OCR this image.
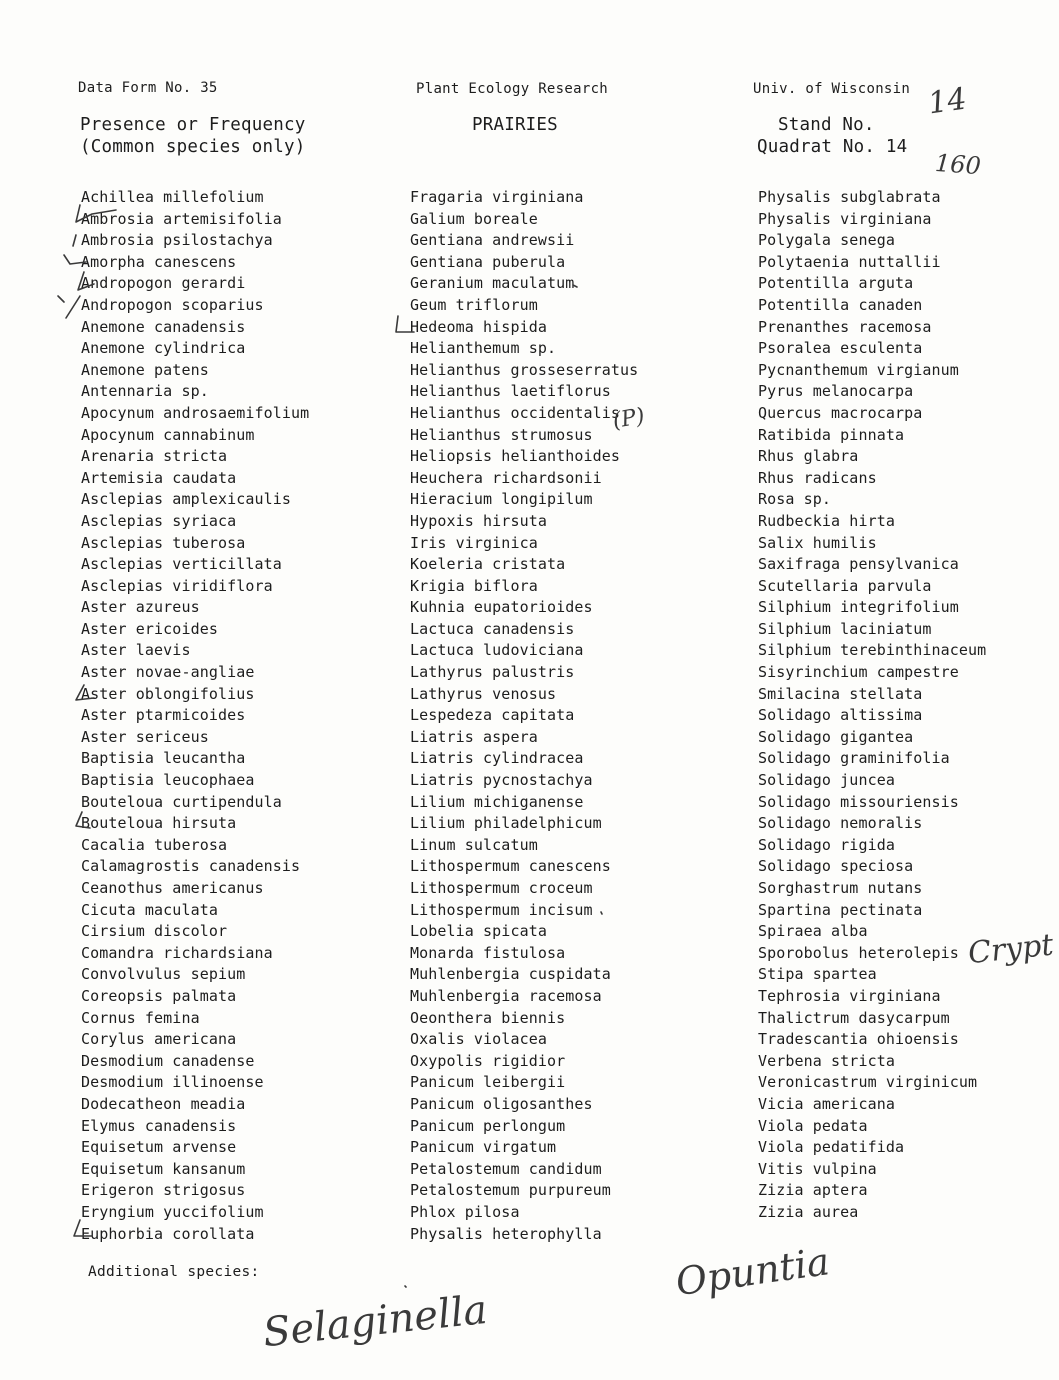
Data Form No. 35	Plant Ecology Research	Univ. of Wisconsin
Presence or Frequency
(Common species only)
PRAIRIES	Stand No.
Quadrat No. 14
Achillea millefolium
Ambrosia artemisifolia
Ambrosia psilostachya
Amorpha canescens
Andropogon gerardi
Andropogon scoparius
Anemone canadensis
Anemone cylindrica
Anemone patens
Antennaria sp.
Apocynum androsaemifolium
Apocynum cannabinum
Arenaria stricta
Artemisia caudata
Asclepias amplexicaulis
Asclepias syriaca
Asclepias tuberosa
Asclepias verticillata
Asclepias viridiflora
Aster azureus
Aster ericoides
Aster laevis
Aster novae-angliae
Aster oblongifolius
Aster ptarmicoides
Aster sericeus
Baptisia leucantha
Baptisia leucophaea
Bouteloua curtipendula
Bouteloua hirsuta
Cacalia tuberosa
Calamagrostis canadensis
Ceanothus americanus
Cicuta maculata
Cirsium discolor
Comandra richardsiana
Convolvulus sepium
Coreopsis palmata
Cornus femina
Corylus americana
Desmodium canadense
Desmodium illinoense
Dodecatheon meadia
Elymus canadensis
Equisetum arvense
Equisetum kansanum
Erigeron strigosus
Eryngium yuccifolium
Euphorbia corollata
Fragaria virginiana
Galium boreale
Gentiana andrewsii
Gentiana puberula
Geranium maculatum
Geum triflorum
Hedeoma hispida
Helianthemum sp.
Helianthus grosseserratus
Helianthus laetiflorus
Helianthus occidentalis
Helianthus strumosus
Heliopsis helianthoides
Heuchera richardsonii
Hieracium longipilum
Hypoxis hirsuta
Iris virginica
Koeleria cristata
Krigia biflora
Kuhnia eupatorioides
Lactuca canadensis
Lactuca ludoviciana
Lathyrus palustris
Lathyrus venosus
Lespedeza capitata
Liatris aspera
Liatris cylindracea
Liatris pycnostachya
Lilium michiganense
Lilium philadelphicum
Linum sulcatum
Lithospermum canescens
Lithospermum croceum
Lithospermum incisum
Lobelia spicata
Monarda fistulosa
Muhlenbergia cuspidata
Muhlenbergia racemosa
Oeonthera biennis
Oxalis violacea
Oxypolis rigidior
Panicum leibergii
Panicum oligosanthes
Panicum perlongum
Panicum virgatum
Petalostemum candidum
Petalostemum purpureum
Phlox pilosa
Physalis heterophylla
Physalis subglabrata
Physalis virginiana
Polygala senega
Polytaenia nuttallii
Potentilla arguta
Potentilla canaden
Prenanthes racemosa
Psoralea esculenta
Pycnanthemum virgianum
Pyrus melanocarpa
Quercus macrocarpa
Ratibida pinnata
Rhus glabra
Rhus radicans
Rosa sp.
Rudbeckia hirta
Salix humilis
Saxifraga pensylvanica
Scutellaria parvula
Silphium integrifolium
Silphium laciniatum
Silphium terebinthinaceum
Sisyrinchium campestre
Smilacina stellata
Solidago altissima
Solidago gigantea
Solidago graminifolia
Solidago juncea
Solidago missouriensis
Solidago nemoralis
Solidago rigida
Solidago speciosa
Sorghastrum nutans
Spartina pectinata
Spiraea alba
Sporobolus heterolepis
Stipa spartea
Tephrosia virginiana
Thalictrum dasycarpum
Tradescantia ohioensis
Verbena stricta
Veronicastrum virginicum
Vicia americana
Viola pedata
Viola pedatifida
Vitis vulpina
Zizia aptera
Zizia aurea
Additional species:
14
160
(P)
Crypt
Selaginella
Opuntia
